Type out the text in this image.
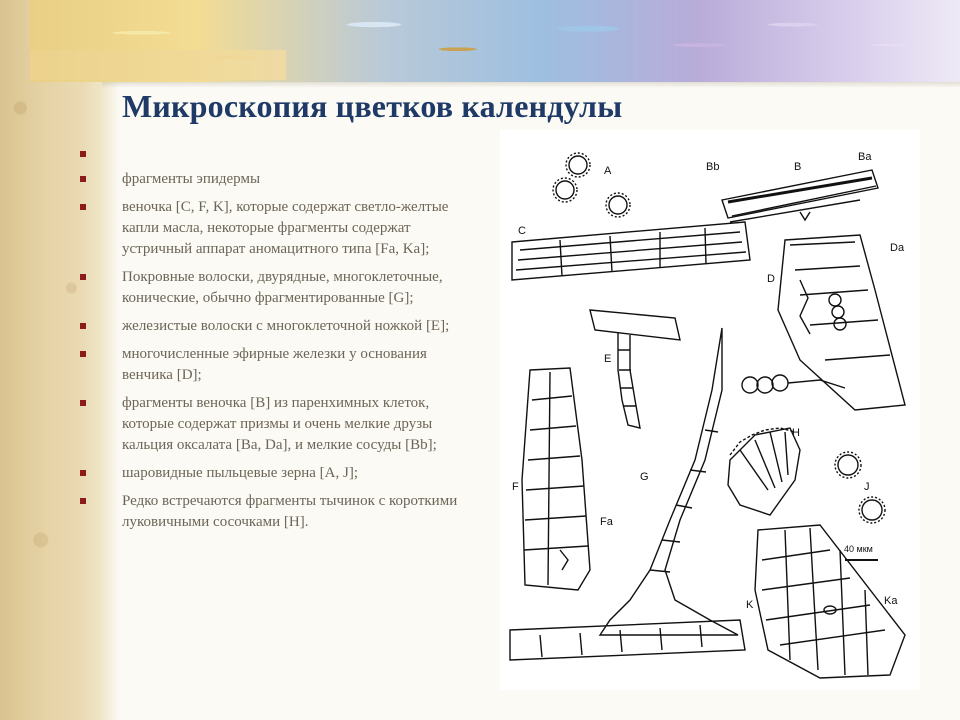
Микроскопия цветков календулы
фрагменты эпидермы
веночка [C, F, K], которые содержат светло-желтые капли масла, некоторые фрагменты содержат устричный аппарат аномацитного типа [Fa, Ka];
Покровные волоски, двурядные, многоклеточные, конические, обычно фрагментированные [G];
железистые волоски с многоклеточной ножкой [E];
многочисленные эфирные железки у основания венчика [D];
фрагменты веночка [B] из паренхимных клеток, которые содержат призмы и очень мелкие друзы кальция оксалата [Ba, Da], и мелкие сосуды [Вb];
шаровидные пыльцевые зерна [A, J];
Редко встречаются фрагменты тычинок с короткими луковичными сосочками [H].
A	Bb	B
Ba
C
D
Da
E
F
Fa
G
H
J
40 мкм
K	Ka
